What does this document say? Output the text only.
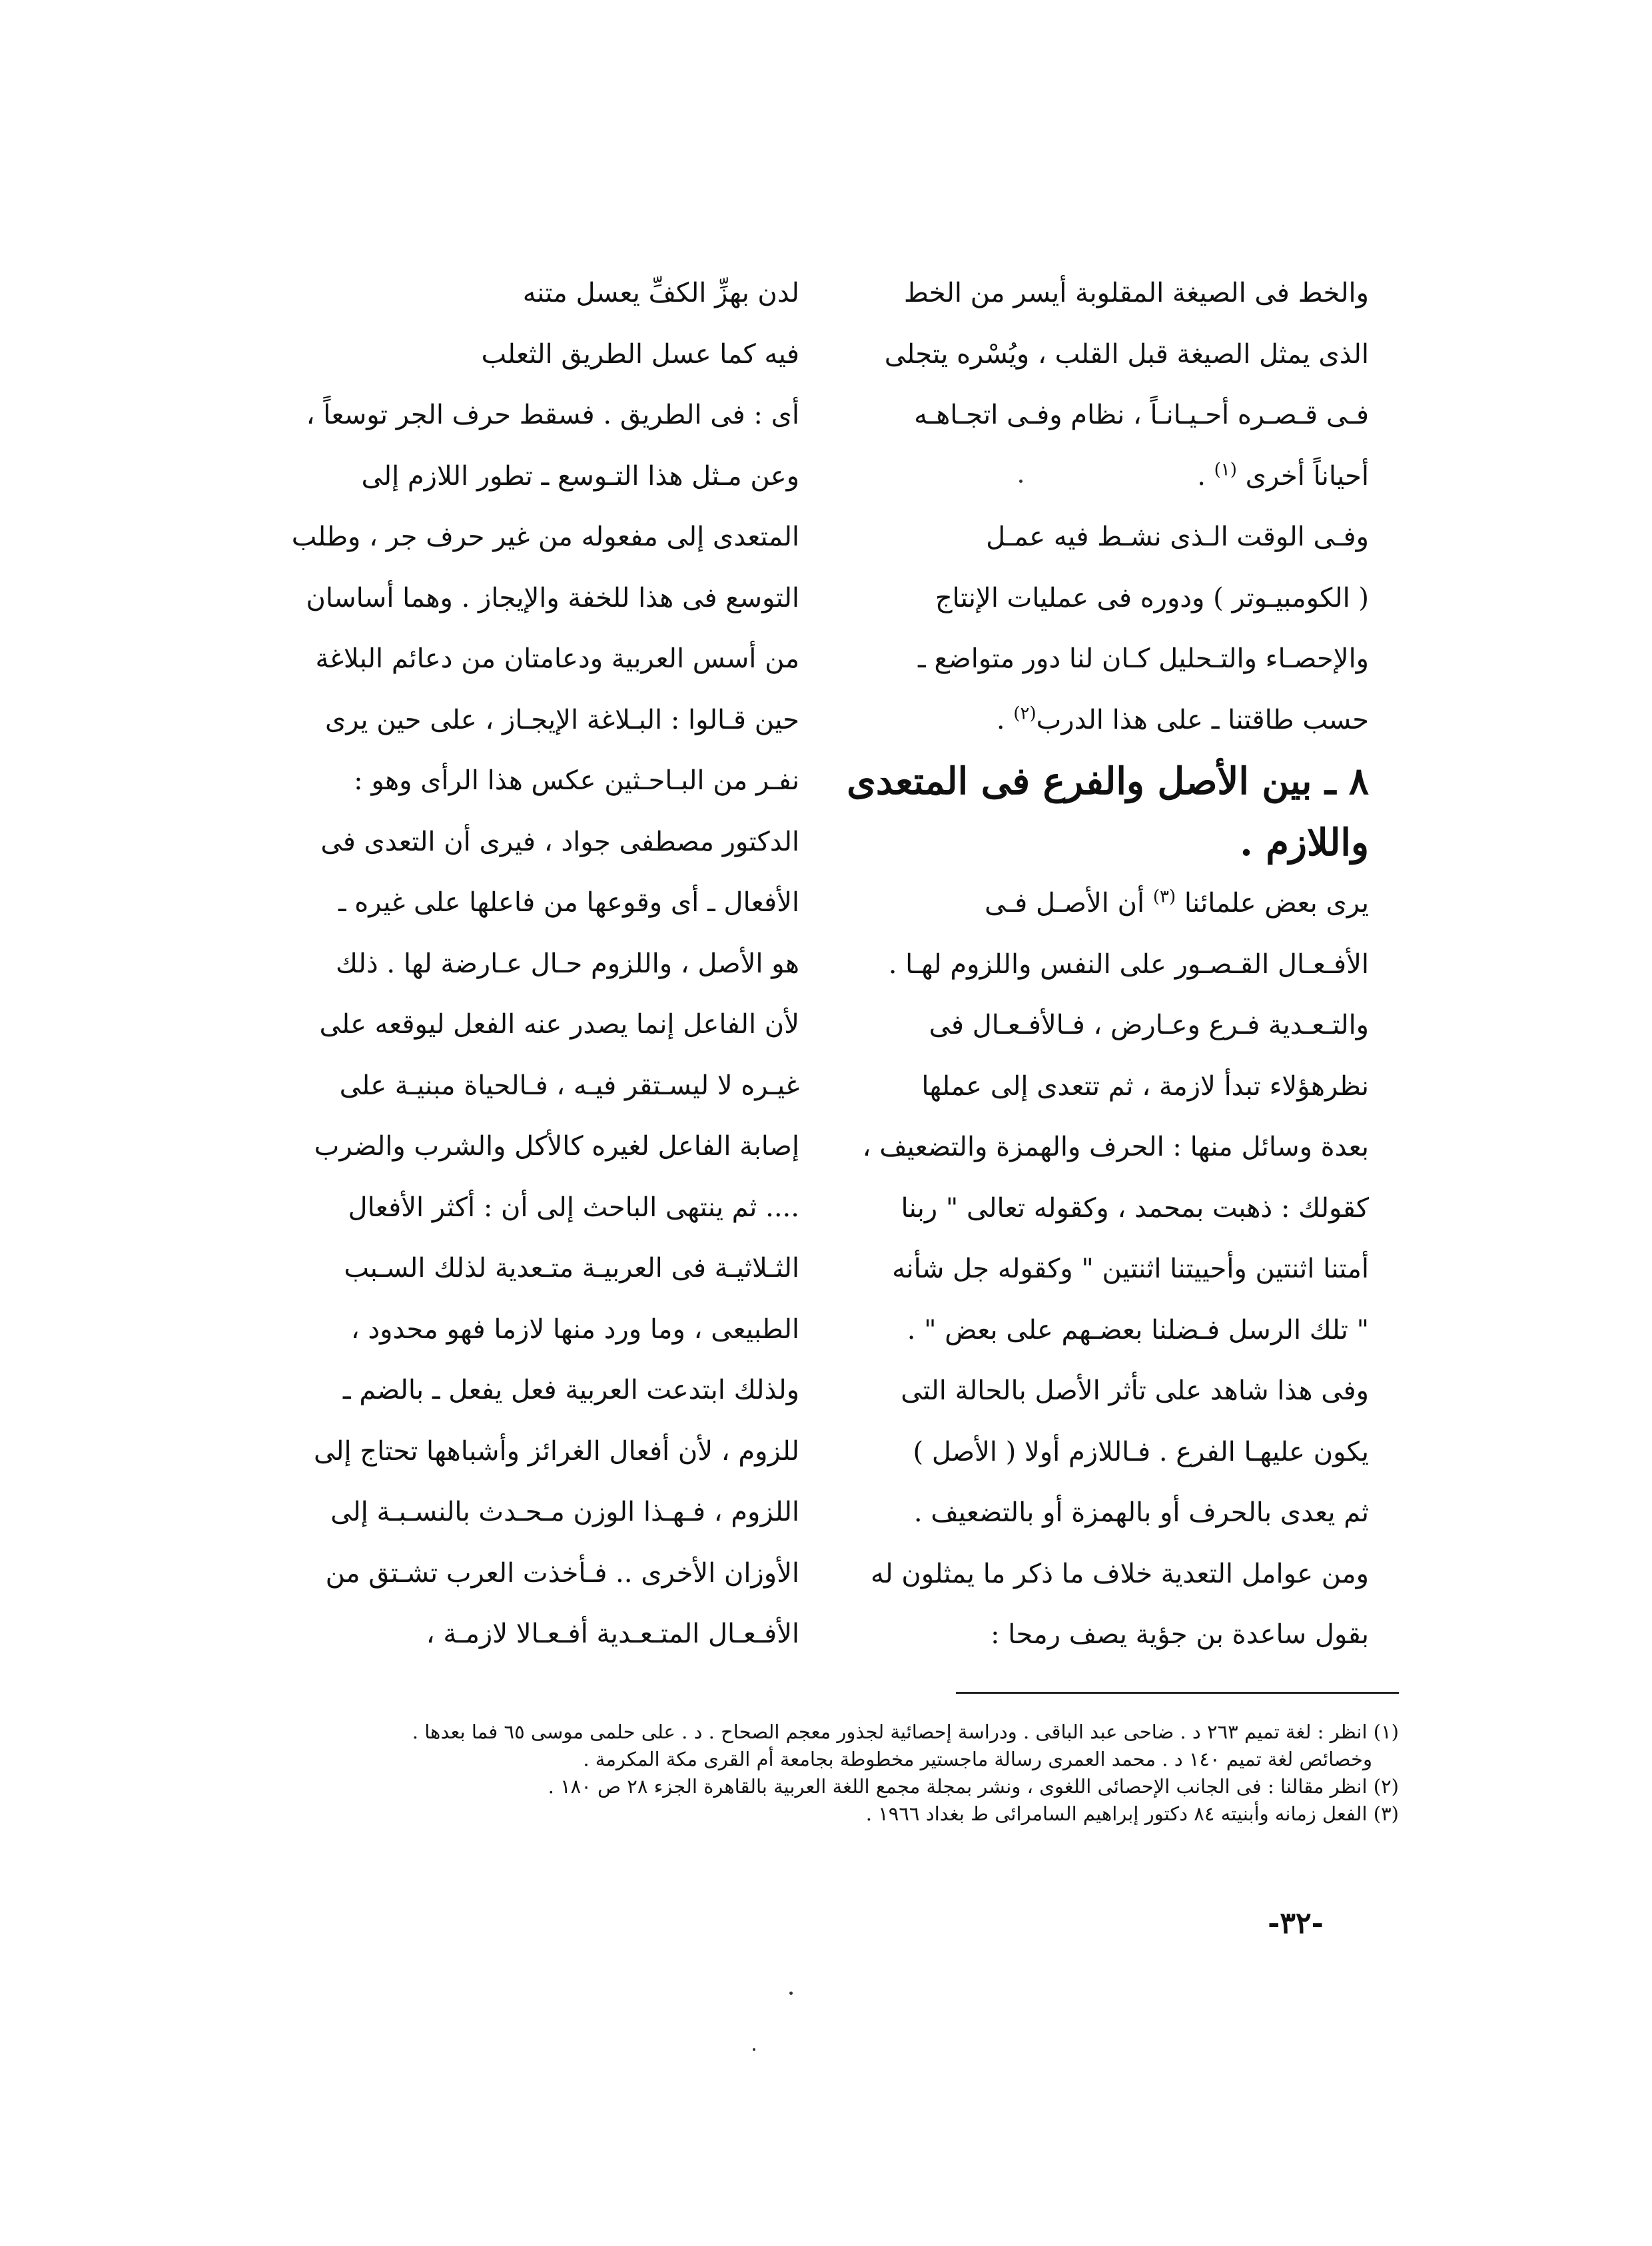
والخط فى الصيغة المقلوبة أيسر من الخط
الذى يمثل الصيغة قبل القلب ، ويُسْره يتجلى
فـى قـصـره أحـيـانـاً ، نظام وفـى اتجـاهـه
أحياناً أخرى $^{(١)}$ .
وفـى الوقت الـذى نشـط فيه عمـل
( الكومبيـوتر ) ودوره فى عمليات الإنتاج
والإحصـاء والتـحليل كـان لنا دور متواضع ـ
حسب طاقتنا ـ على هذا الدرب$^{(٢)}$ .
٨ ـ بين الأصل والفرع فى المتعدى
واللازم .
يرى بعض علمائنا $^{(٣)}$ أن الأصـل فـى
الأفـعـال القـصـور على النفس واللزوم لهـا .
والتـعـدية فـرع وعـارض ، فـالأفـعـال فى
نظرهؤلاء تبدأ لازمة ، ثم تتعدى إلى عملها
بعدة وسائل منها : الحرف والهمزة والتضعيف ،
كقولك : ذهبت بمحمد ، وكقوله تعالى " ربنا
أمتنا اثنتين وأحييتنا اثنتين " وكقوله جل شأنه
" تلك الرسل فـضلنا بعضـهم على بعض " .
وفى هذا شاهد على تأثر الأصل بالحالة التى
يكون عليهـا الفرع . فـاللازم أولا ( الأصل )
ثم يعدى بالحرف أو بالهمزة أو بالتضعيف .
ومن عوامل التعدية خلاف ما ذكر ما يمثلون له
بقول ساعدة بن جؤية يصف رمحا :
لدن بهزِّ الكفِّ يعسل متنه
فيه كما عسل الطريق الثعلب
أى : فى الطريق . فسقط حرف الجر توسعاً ،
وعن مـثل هذا التـوسع ـ تطور اللازم إلى
المتعدى إلى مفعوله من غير حرف جر ، وطلب
التوسع فى هذا للخفة والإيجاز . وهما أساسان
من أسس العربية ودعامتان من دعائم البلاغة
حين قـالوا : البـلاغة الإيجـاز ، على حين يرى
نفـر من البـاحـثين عكس هذا الرأى وهو :
الدكتور مصطفى جواد ، فيرى أن التعدى فى
الأفعال ـ أى وقوعها من فاعلها على غيره ـ
هو الأصل ، واللزوم حـال عـارضة لها . ذلك
لأن الفاعل إنما يصدر عنه الفعل ليوقعه على
غيـره لا ليسـتقر فيـه ، فـالحياة مبنيـة على
إصابة الفاعل لغيره كالأكل والشرب والضرب
.... ثم ينتهى الباحث إلى أن : أكثر الأفعال
الثـلاثيـة فى العربيـة متـعدية لذلك السـبب
الطبيعى ، وما ورد منها لازما فهو محدود ،
ولذلك ابتدعت العربية فعل يفعل ـ بالضم ـ
للزوم ، لأن أفعال الغرائز وأشباهها تحتاج إلى
اللزوم ، فـهـذا الوزن مـحـدث بالنسـبـة إلى
الأوزان الأخرى .. فـأخذت العرب تشـتق من
الأفـعـال المتـعـدية أفـعـالا لازمـة ،
(١) انظر : لغة تميم ٢٦٣ د . ضاحى عبد الباقى . ودراسة إحصائية لجذور معجم الصحاح . د . على حلمى موسى ٦٥ فما بعدها .
وخصائص لغة تميم ١٤٠ د . محمد العمرى رسالة ماجستير مخطوطة بجامعة أم القرى مكة المكرمة .
(٢) انظر مقالنا : فى الجانب الإحصائى اللغوى ، ونشر بمجلة مجمع اللغة العربية بالقاهرة الجزء ٢٨ ص ١٨٠ .
(٣) الفعل زمانه وأبنيته ٨٤ دكتور إبراهيم السامرائى ط بغداد ١٩٦٦ .
-٣٢-
